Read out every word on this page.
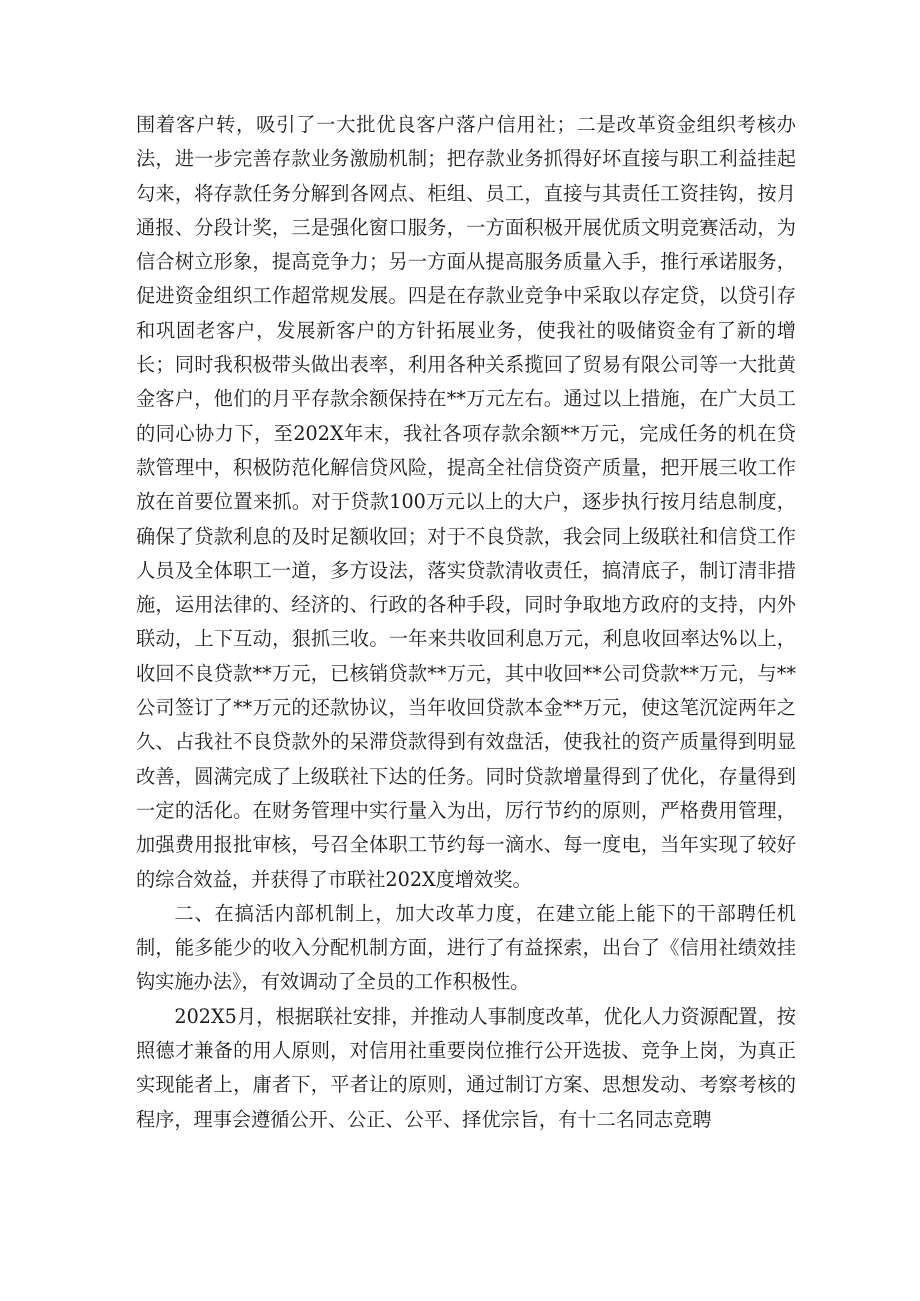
围着客户转，吸引了一大批优良客户落户信用社；二是改革资金组织考核办法，进一步完善存款业务激励机制；把存款业务抓得好坏直接与职工利益挂起勾来，将存款任务分解到各网点、柜组、员工，直接与其责任工资挂钩，按月通报、分段计奖，三是强化窗口服务，一方面积极开展优质文明竞赛活动，为信合树立形象，提高竞争力；另一方面从提高服务质量入手，推行承诺服务，促进资金组织工作超常规发展。四是在存款业竞争中采取以存定贷，以贷引存和巩固老客户，发展新客户的方针拓展业务，使我社的吸储资金有了新的增长；同时我积极带头做出表率，利用各种关系揽回了贸易有限公司等一大批黄金客户，他们的月平存款余额保持在**万元左右。通过以上措施，在广大员工的同心协力下，至202X年末，我社各项存款余额**万元，完成任务的机在贷款管理中，积极防范化解信贷风险，提高全社信贷资产质量，把开展三收工作放在首要位置来抓。对于贷款100万元以上的大户，逐步执行按月结息制度，确保了贷款利息的及时足额收回；对于不良贷款，我会同上级联社和信贷工作人员及全体职工一道，多方设法，落实贷款清收责任，搞清底子，制订清非措施，运用法律的、经济的、行政的各种手段，同时争取地方政府的支持，内外联动，上下互动，狠抓三收。一年来共收回利息万元，利息收回率达%以上，收回不良贷款**万元，已核销贷款**万元，其中收回**公司贷款**万元，与**公司签订了**万元的还款协议，当年收回贷款本金**万元，使这笔沉淀两年之久、占我社不良贷款外的呆滞贷款得到有效盘活，使我社的资产质量得到明显改善，圆满完成了上级联社下达的任务。同时贷款增量得到了优化，存量得到一定的活化。在财务管理中实行量入为出，厉行节约的原则，严格费用管理，加强费用报批审核，号召全体职工节约每一滴水、每一度电，当年实现了较好的综合效益，并获得了市联社202X度增效奖。

二、在搞活内部机制上，加大改革力度，在建立能上能下的干部聘任机制，能多能少的收入分配机制方面，进行了有益探索，出台了《信用社绩效挂钩实施办法》，有效调动了全员的工作积极性。

202X5月，根据联社安排，并推动人事制度改革，优化人力资源配置，按照德才兼备的用人原则，对信用社重要岗位推行公开选拔、竞争上岗，为真正实现能者上，庸者下，平者让的原则，通过制订方案、思想发动、考察考核的程序，理事会遵循公开、公正、公平、择优宗旨，有十二名同志竞聘
